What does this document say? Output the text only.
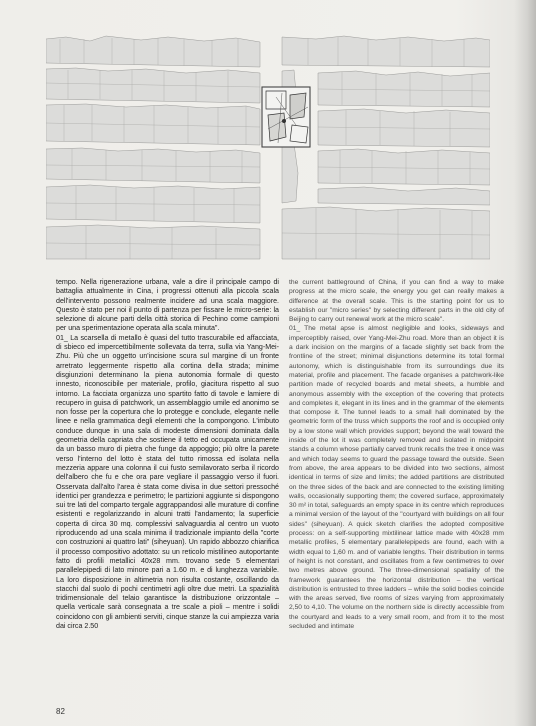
tempo. Nella rigenerazione urbana, vale a dire il principale campo di battaglia attualmente in Cina, i progressi ottenuti alla piccola scala dell'intervento possono realmente incidere ad una scala maggiore. Questo è stato per noi il punto di partenza per fissare le micro-serie: la selezione di alcune parti della città storica di Pechino come campioni per una sperimentazione operata alla scala minuta".

01_ La scarsella di metallo è quasi del tutto trascurabile ed affacciata, di sbieco ed impercettibilmente sollevata da terra, sulla via Yang-Mei-Zhu. Più che un oggetto un'incisione scura sul margine di un fronte arretrato leggermente rispetto alla cortina della strada; minime disgiunzioni determinano la piena autonomia formale di questo innesto, riconoscibile per materiale, profilo, giacitura rispetto al suo intorno. La facciata organizza uno spartito fatto di tavole e lamiere di recupero in guisa di patchwork, un assemblaggio umile ed anonimo se non fosse per la copertura che lo protegge e conclude, elegante nelle linee e nella grammatica degli elementi che la compongono. L'imbuto conduce dunque in una sala di modeste dimensioni dominata dalla geometria della capriata che sostiene il tetto ed occupata unicamente da un basso muro di pietra che funge da appoggio; più oltre la parete verso l'interno del lotto è stata del tutto rimossa ed isolata nella mezzeria appare una colonna il cui fusto semilavorato serba il ricordo dell'albero che fu e che ora pare vegliare il passaggio verso il fuori. Osservata dall'alto l'area è stata come divisa in due settori pressoché identici per grandezza e perimetro; le partizioni aggiunte si dispongono sui tre lati del comparto tergale aggrappandosi alle murature di confine esistenti e regolarizzando in alcuni tratti l'andamento; la superficie coperta di circa 30 mq. complessivi salvaguardia al centro un vuoto riproducendo ad una scala minima il tradizionale impianto della "corte con costruzioni ai quattro lati" (siheyuan). Un rapido abbozzo chiarifica il processo compositivo adottato: su un reticolo mistilineo autoportante fatto di profili metallici 40x28 mm. trovano sede 5 elementari parallelepipedi di lato minore pari a 1.60 m. e di lunghezza variabile. La loro disposizione in altimetria non risulta costante, oscillando da stacchi dal suolo di pochi centimetri agli oltre due metri. La spazialità tridimensionale del telaio garantisce la distribuzione orizzontale – quella verticale sarà consegnata a tre scale a pioli – mentre i solidi coincidono con gli ambienti serviti, cinque stanze la cui ampiezza varia dai circa 2.50

the current battleground of China, if you can find a way to make progress at the micro scale, the energy you get can really makes a difference at the overall scale. This is the starting point for us to establish our "micro series" by selecting different parts in the old city of Beijing to carry out renewal work at the micro scale".

01_ The metal apse is almost negligible and looks, sideways and imperceptibly raised, over Yang-Mei-Zhu road. More than an object it is a dark incision on the margins of a facade slightly set back from the frontline of the street; minimal disjunctions determine its total formal autonomy, which is distinguishable from its surroundings due its material, profile and placement. The facade organises a patchwork-like partition made of recycled boards and metal sheets, a humble and anonymous assembly with the exception of the covering that protects and completes it, elegant in its lines and in the grammar of the elements that compose it. The tunnel leads to a small hall dominated by the geometric form of the truss which supports the roof and is occupied only by a low stone wall which provides support; beyond the wall toward the inside of the lot it was completely removed and isolated in midpoint stands a column whose partially carved trunk recalls the tree it once was and which today seems to guard the passage toward the outside. Seen from above, the area appears to be divided into two sections, almost identical in terms of size and limits; the added partitions are distributed on the three sides of the back and are connected to the existing limiting walls, occasionally supporting them; the covered surface, approximately 30 m² in total, safeguards an empty space in its centre which reproduces a minimal version of the layout of the "courtyard with buildings on all four sides" (siheyuan). A quick sketch clarifies the adopted compositive process: on a self-supporting mixtilinear lattice made with 40x28 mm metallic profiles, 5 elementary parallelepipeds are found, each with a width equal to 1,60 m. and of variable lengths. Their distribution in terms of height is not constant, and oscillates from a few centimetres to over two metres above ground. The three-dimensional spatiality of the framework guarantees the horizontal distribution – the vertical distribution is entrusted to three ladders – while the solid bodies coincide with the areas served, five rooms of sizes varying from approximately 2,50 to 4,10. The volume on the northern side is directly accessible from the courtyard and leads to a very small room, and from it to the most secluded and intimate

82
